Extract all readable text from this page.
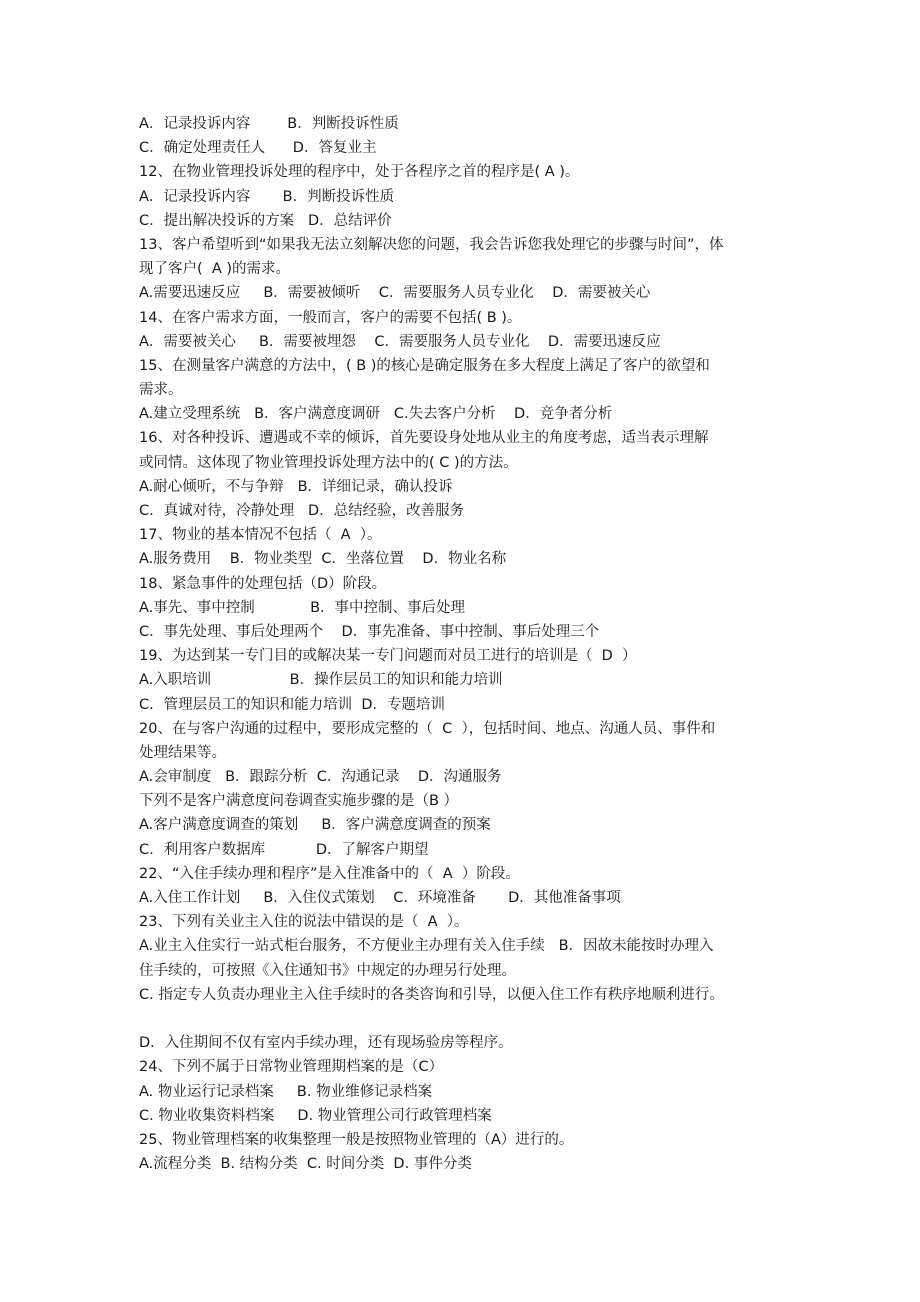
A．记录投诉内容        B．判断投诉性质
C．确定处理责任人      D．答复业主
12、在物业管理投诉处理的程序中，处于各程序之首的程序是( A )。
A．记录投诉内容       B．判断投诉性质
C．提出解决投诉的方案   D．总结评价
13、客户希望听到“如果我无法立刻解决您的问题，我会告诉您我处理它的步骤与时间”，体
现了客户(  A )的需求。
A.需要迅速反应     B．需要被倾听    C．需要服务人员专业化    D．需要被关心
14、在客户需求方面，一般而言，客户的需要不包括( B )。
A．需要被关心     B．需要被埋怨    C．需要服务人员专业化    D．需要迅速反应
15、在测量客户满意的方法中，( B )的核心是确定服务在多大程度上满足了客户的欲望和
需求。
A.建立受理系统   B．客户满意度调研   C.失去客户分析    D．竞争者分析
16、对各种投诉、遭遇或不幸的倾诉，首先要设身处地从业主的角度考虑，适当表示理解
或同情。这体现了物业管理投诉处理方法中的( C )的方法。
A.耐心倾听，不与争辩   B．详细记录，确认投诉
C．真诚对待，冷静处理   D．总结经验，改善服务
17、物业的基本情况不包括（  A  ）。
A.服务费用    B．物业类型  C．坐落位置    D．物业名称
18、紧急事件的处理包括（D）阶段。
A.事先、事中控制            B．事中控制、事后处理
C．事先处理、事后处理两个    D．事先准备、事中控制、事后处理三个
19、为达到某一专门目的或解决某一专门问题而对员工进行的培训是（  D  ）
A.入职培训                 B．操作层员工的知识和能力培训
C．管理层员工的知识和能力培训  D．专题培训
20、在与客户沟通的过程中，要形成完整的（  C  ），包括时间、地点、沟通人员、事件和
处理结果等。
A.会审制度   B．跟踪分析  C．沟通记录    D．沟通服务
下列不是客户满意度问卷调查实施步骤的是（B ）
A.客户满意度调查的策划     B．客户满意度调查的预案
C．利用客户数据库           D．了解客户期望
22、“入住手续办理和程序”是入住准备中的（  A  ）阶段。
A.入住工作计划     B．入住仪式策划    C．环境准备       D．其他准备事项
23、下列有关业主入住的说法中错误的是（  A  ）。
A.业主入住实行一站式柜台服务，不方便业主办理有关入住手续   B．因故未能按时办理入
住手续的，可按照《入住通知书》中规定的办理另行处理。
C. 指定专人负责办理业主入住手续时的各类咨询和引导，以便入住工作有秩序地顺利进行。
D．入住期间不仅有室内手续办理，还有现场验房等程序。
24、下列不属于日常物业管理期档案的是（C）
A. 物业运行记录档案     B. 物业维修记录档案
C. 物业收集资料档案     D. 物业管理公司行政管理档案
25、物业管理档案的收集整理一般是按照物业管理的（A）进行的。
A.流程分类  B. 结构分类  C. 时间分类  D. 事件分类
